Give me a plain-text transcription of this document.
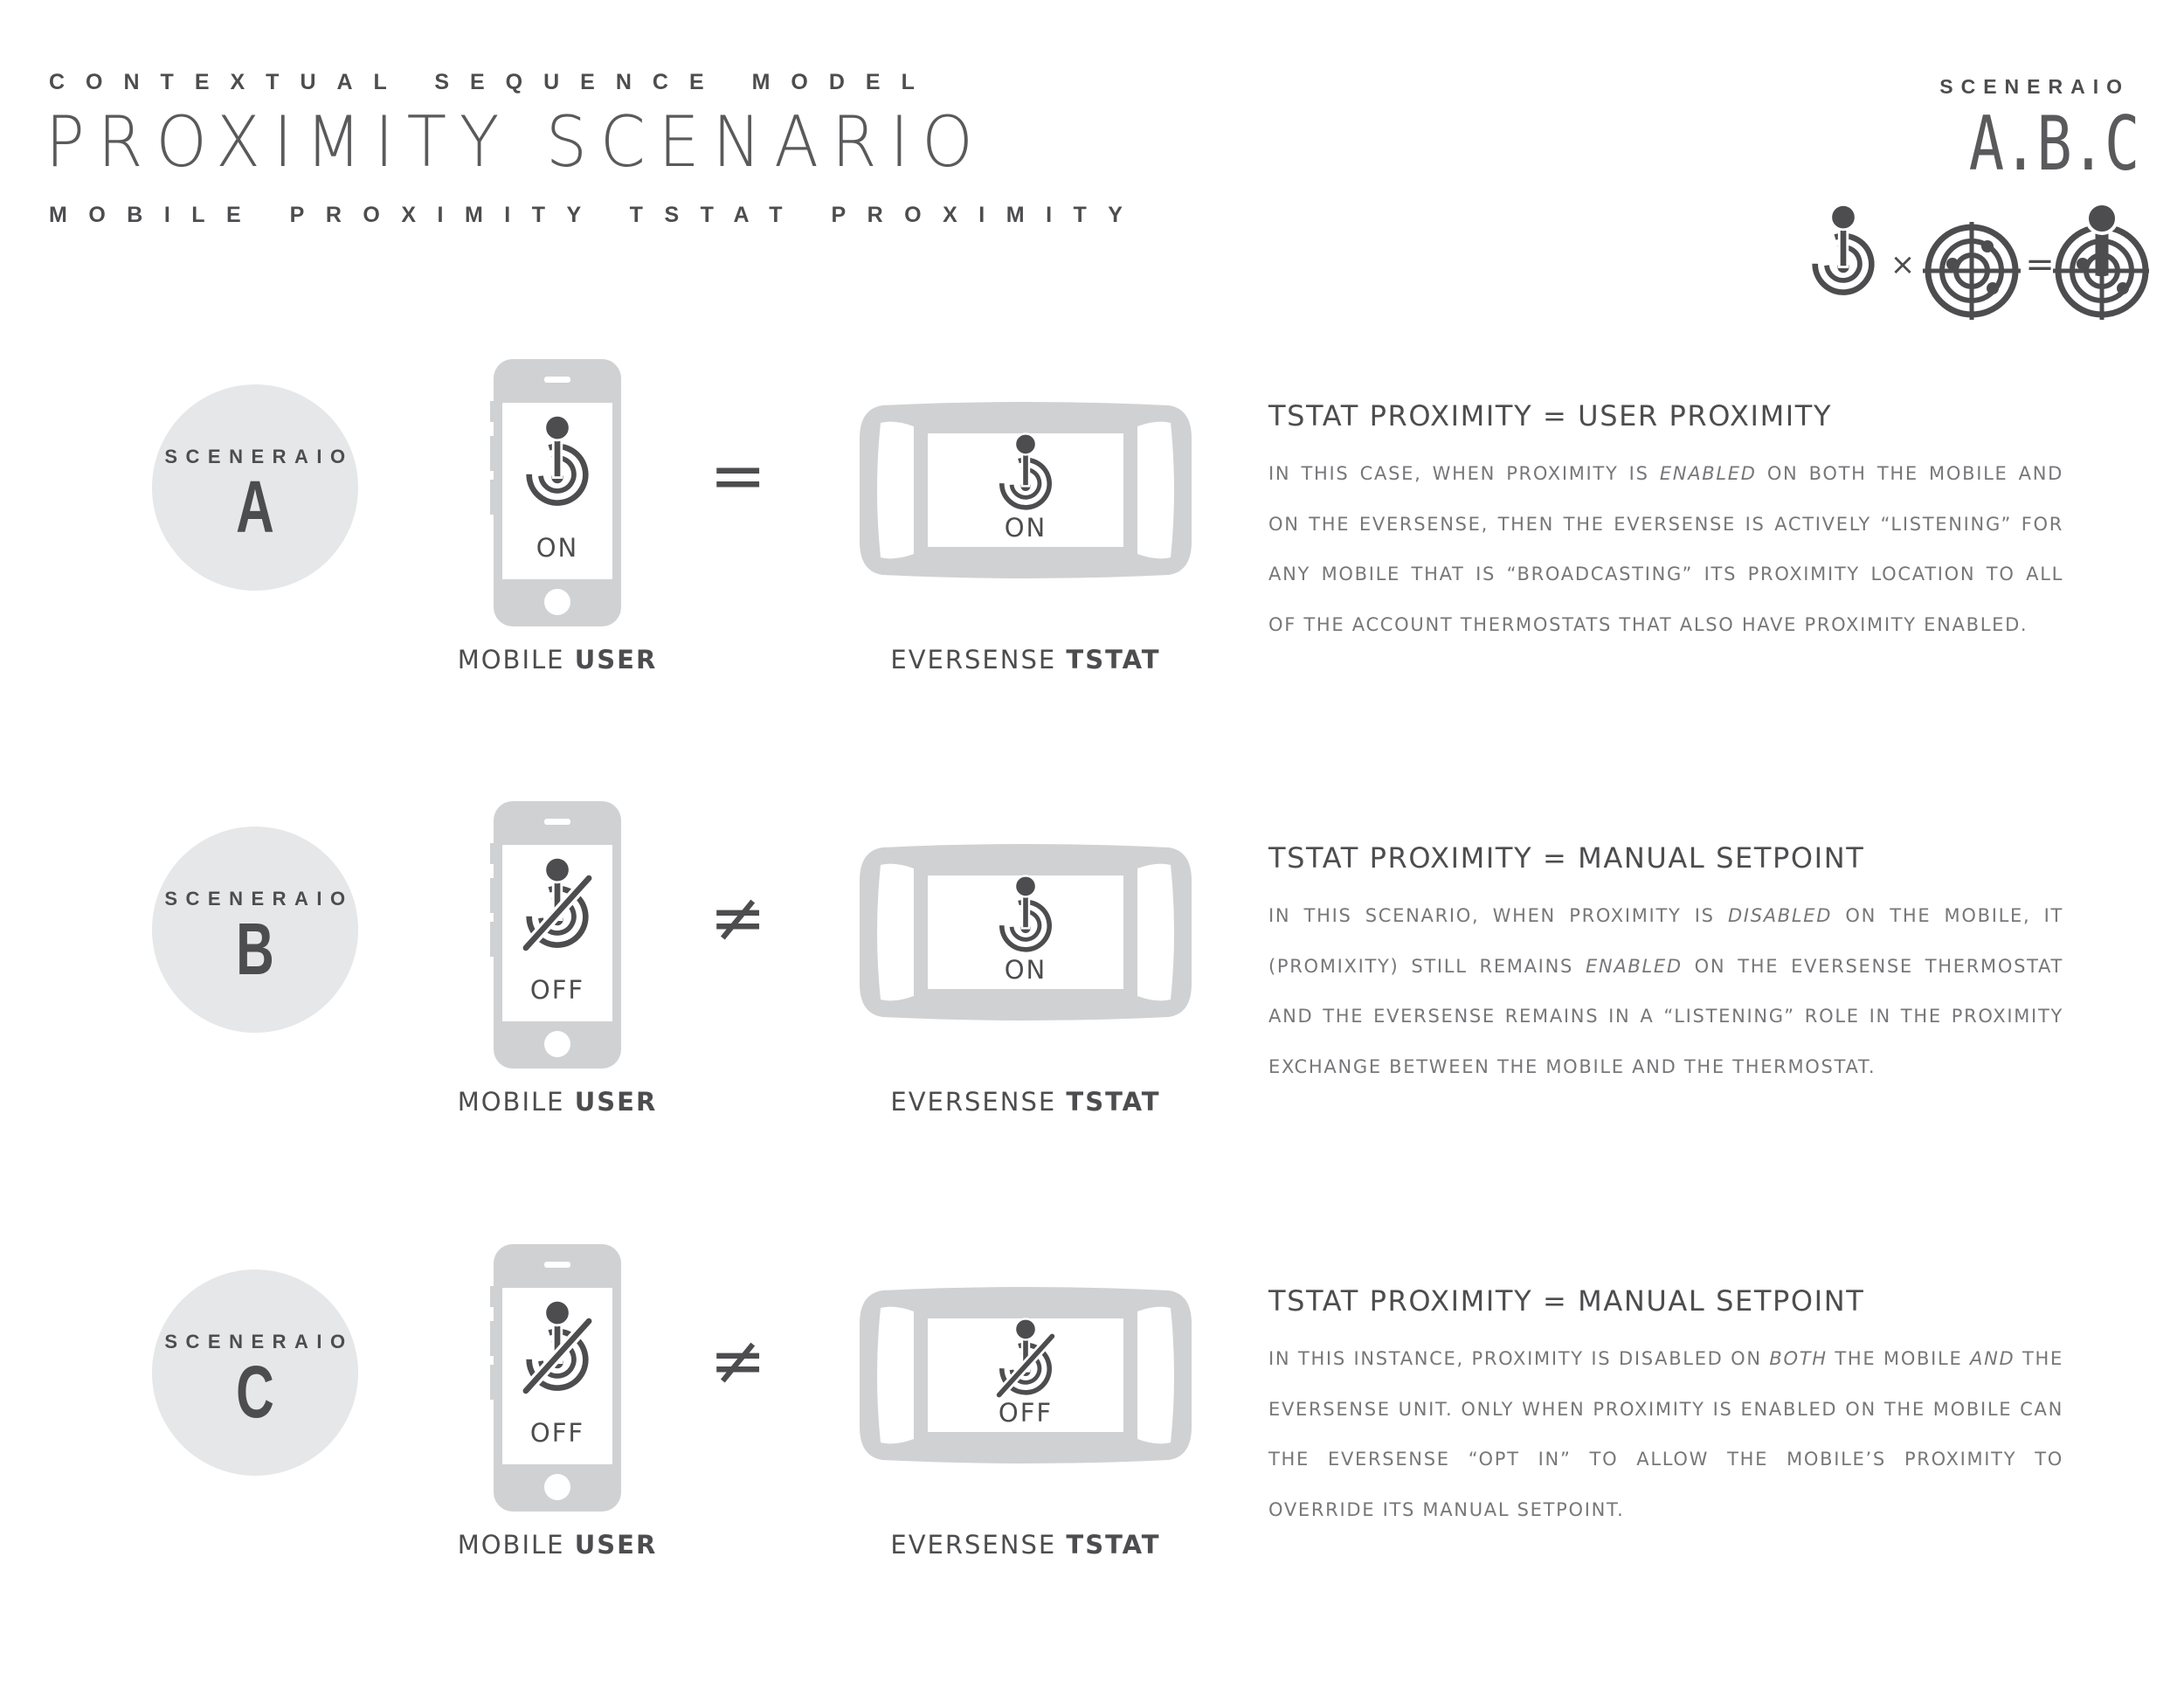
CONTEXTUAL SEQUENCE MODEL
PROXIMITY SCENARIO
MOBILE PROXIMITY TSTAT PROXIMITY
SCENERAIO
A.B.C
×	=
SCENERAIO
A	ON
MOBILE USER
=
ON
EVERSENSE TSTAT
TSTAT PROXIMITY = USER PROXIMITY
IN THIS CASE, WHEN PROXIMITY IS ENABLED ON BOTH THE MOBILE AND ON THE EVERSENSE, THEN THE EVERSENSE IS ACTIVELY “LISTENING” FOR ANY MOBILE THAT IS “BROADCASTING” ITS PROXIMITY LOCATION TO ALL OF THE ACCOUNT THERMOSTATS THAT ALSO HAVE PROXIMITY ENABLED.
SCENERAIO
B	OFF
MOBILE USER
≠
ON
EVERSENSE TSTAT
TSTAT PROXIMITY = MANUAL SETPOINT
IN THIS SCENARIO, WHEN PROXIMITY IS DISABLED ON THE MOBILE, IT (PROMIXITY) STILL REMAINS ENABLED ON THE EVERSENSE THERMOSTAT AND THE EVERSENSE REMAINS IN A “LISTENING” ROLE IN THE PROXIMITY EXCHANGE BETWEEN THE MOBILE AND THE THERMOSTAT.
SCENERAIO
C	OFF
MOBILE USER
≠
OFF
EVERSENSE TSTAT
TSTAT PROXIMITY = MANUAL SETPOINT
IN THIS INSTANCE, PROXIMITY IS DISABLED ON BOTH THE MOBILE AND THE EVERSENSE UNIT. ONLY WHEN PROXIMITY IS ENABLED ON THE MOBILE CAN THE EVERSENSE “OPT IN” TO ALLOW THE MOBILE’S PROXIMITY TO OVERRIDE ITS MANUAL SETPOINT.
